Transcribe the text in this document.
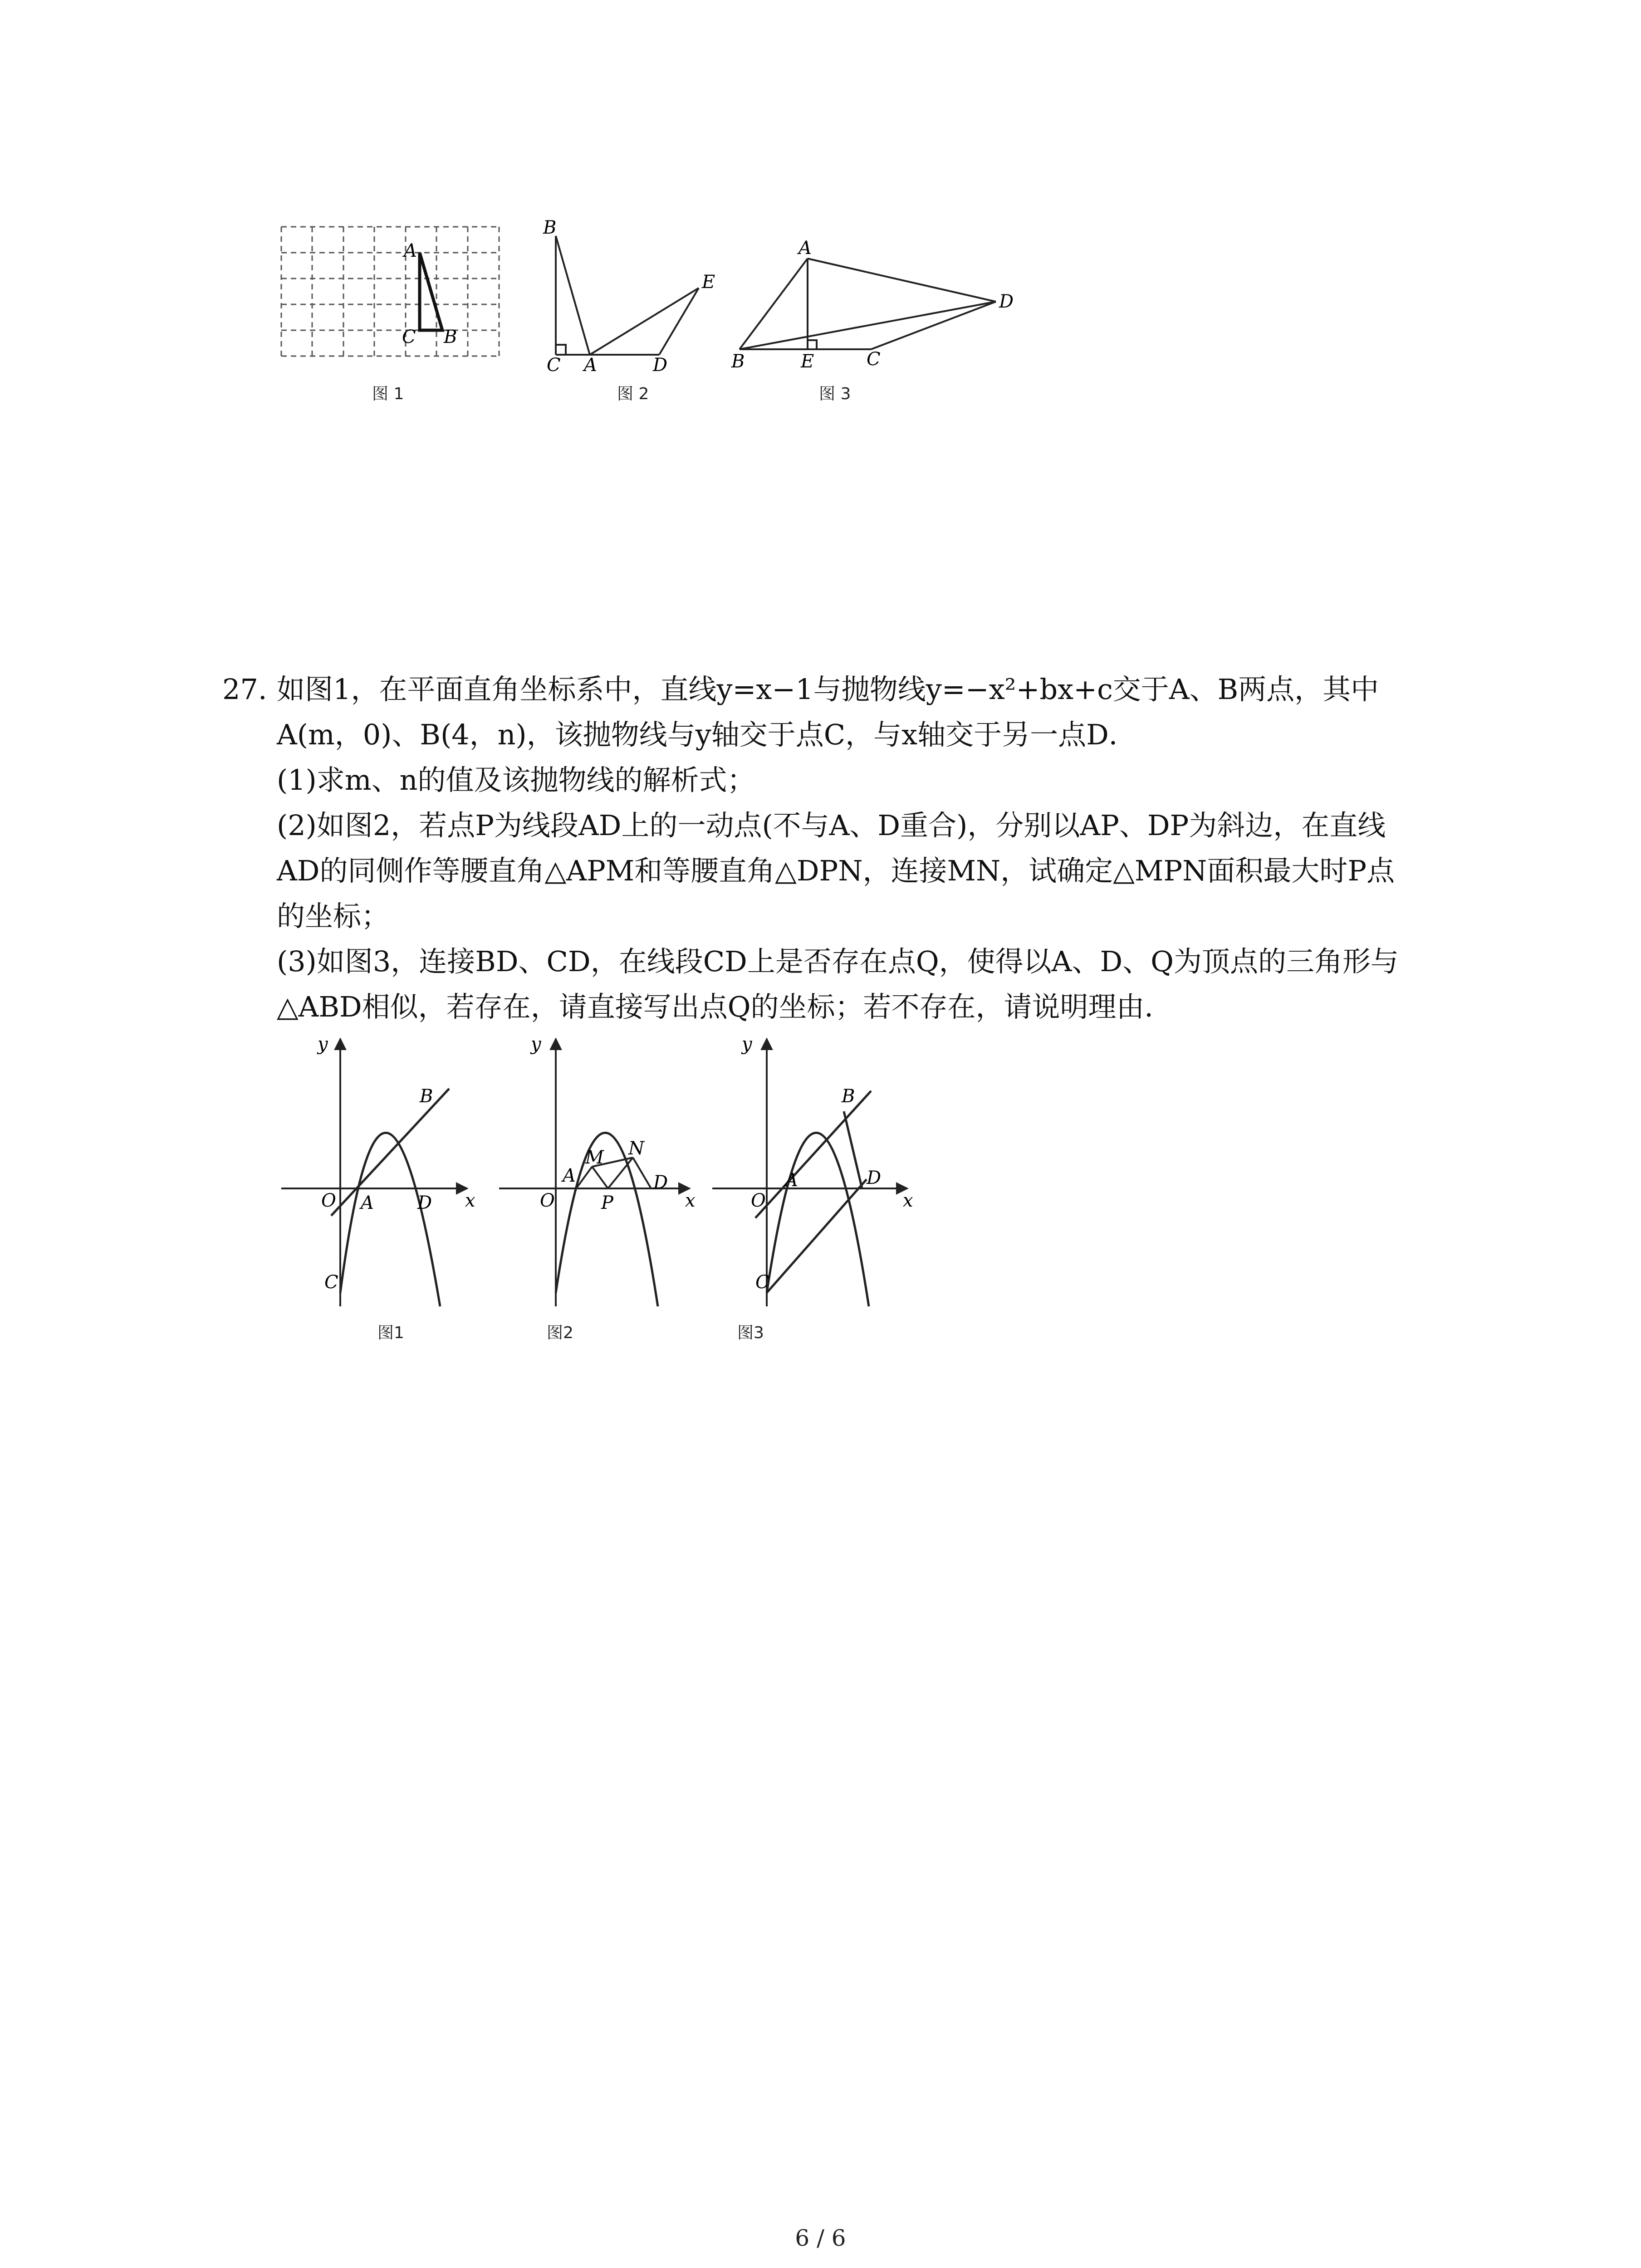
A
C B
图 1
B
E
C A	D
图 2
A
D
B	E	C
图 3

27. 如图1，在平面直角坐标系中，直线y=x−1与抛物线y=−x²+bx+c交于A、B两点，其中

A(m，0)、B(4，n)，该抛物线与y轴交于点C，与x轴交于另一点D．

(1)求m、n的值及该抛物线的解析式；

(2)如图2，若点P为线段AD上的一动点(不与A、D重合)，分别以AP、DP为斜边，在直线

AD的同侧作等腰直角△APM和等腰直角△DPN，连接MN，试确定△MPN面积最大时P点

的坐标；

(3)如图3，连接BD、CD，在线段CD上是否存在点Q，使得以A、D、Q为顶点的三角形与

△ABD相似，若存在，请直接写出点Q的坐标；若不存在，请说明理由．

y
x
O A D
B
C
图1
y
x
O
A
M N
P
D
图2
y
x
O
A
B
D
C
图3
6 / 6
